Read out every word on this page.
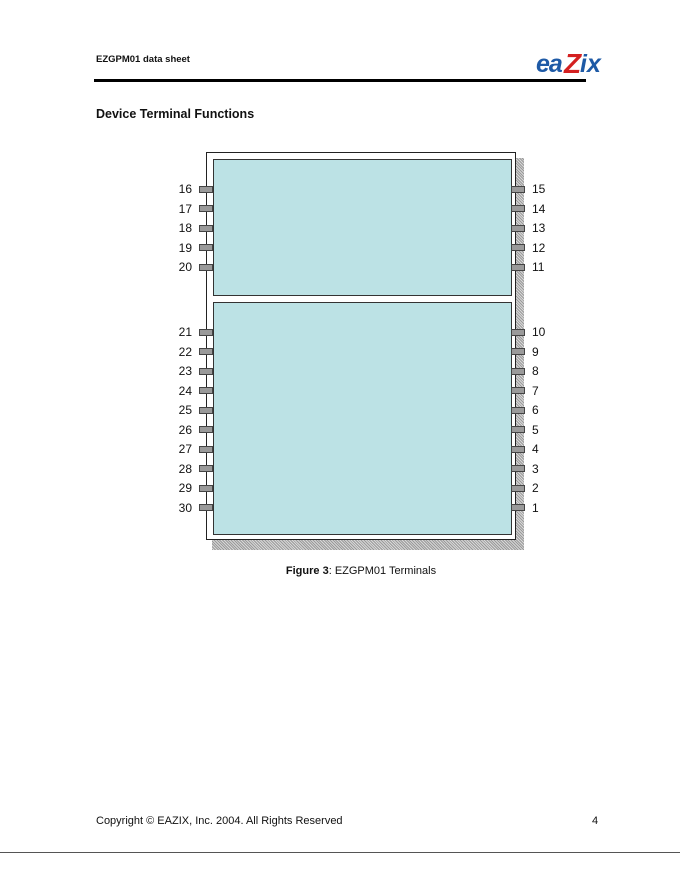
EZGPM01 data sheet	ea Z
ix
Device Terminal Functions
16
17
18
19
20
15
14
13
12
11
21
22
23
24
25
26
27
28
29
30
10
9
8
7
6
5
4
3
2
1
Figure 3: EZGPM01 Terminals
Copyright © EAZIX, Inc. 2004. All Rights Reserved	4
